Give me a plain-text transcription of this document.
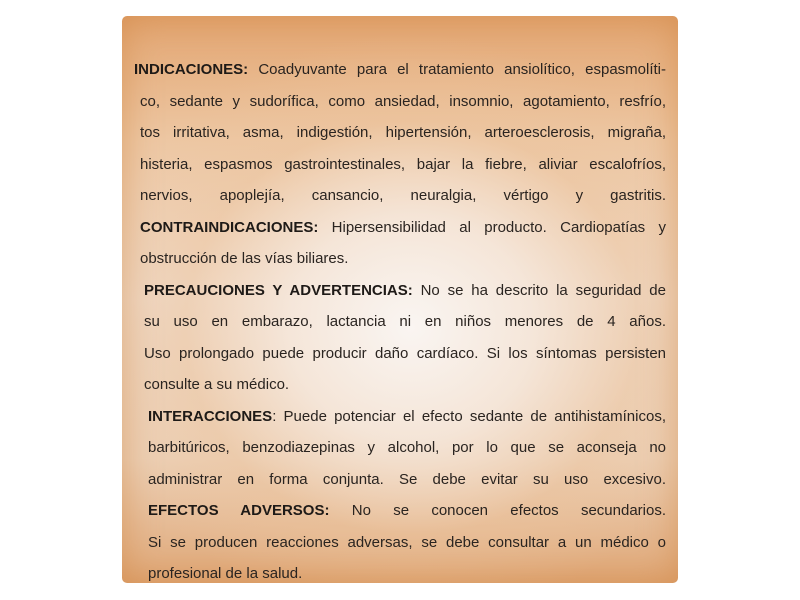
INDICACIONES: Coadyuvante para el tratamiento ansiolítico, espasmolíti-
co, sedante y sudorífica, como ansiedad, insomnio, agotamiento, resfrío,
tos irritativa, asma, indigestión, hipertensión, arteroesclerosis, migraña,
histeria, espasmos gastrointestinales, bajar la fiebre, aliviar escalofríos,
nervios, apoplejía, cansancio, neuralgia, vértigo y gastritis.
CONTRAINDICACIONES: Hipersensibilidad al producto. Cardiopatías y
obstrucción de las vías biliares.
PRECAUCIONES Y ADVERTENCIAS: No se ha descrito la seguridad de
su uso en embarazo, lactancia ni en niños menores de 4 años.
Uso prolongado puede producir daño cardíaco. Si los síntomas persisten
consulte a su médico.
INTERACCIONES: Puede potenciar el efecto sedante de antihistamínicos,
barbitúricos, benzodiazepinas y alcohol, por lo que se aconseja no
administrar en forma conjunta. Se debe evitar su uso excesivo.
EFECTOS ADVERSOS: No se conocen efectos secundarios.
Si se producen reacciones adversas, se debe consultar a un médico o
profesional de la salud.
